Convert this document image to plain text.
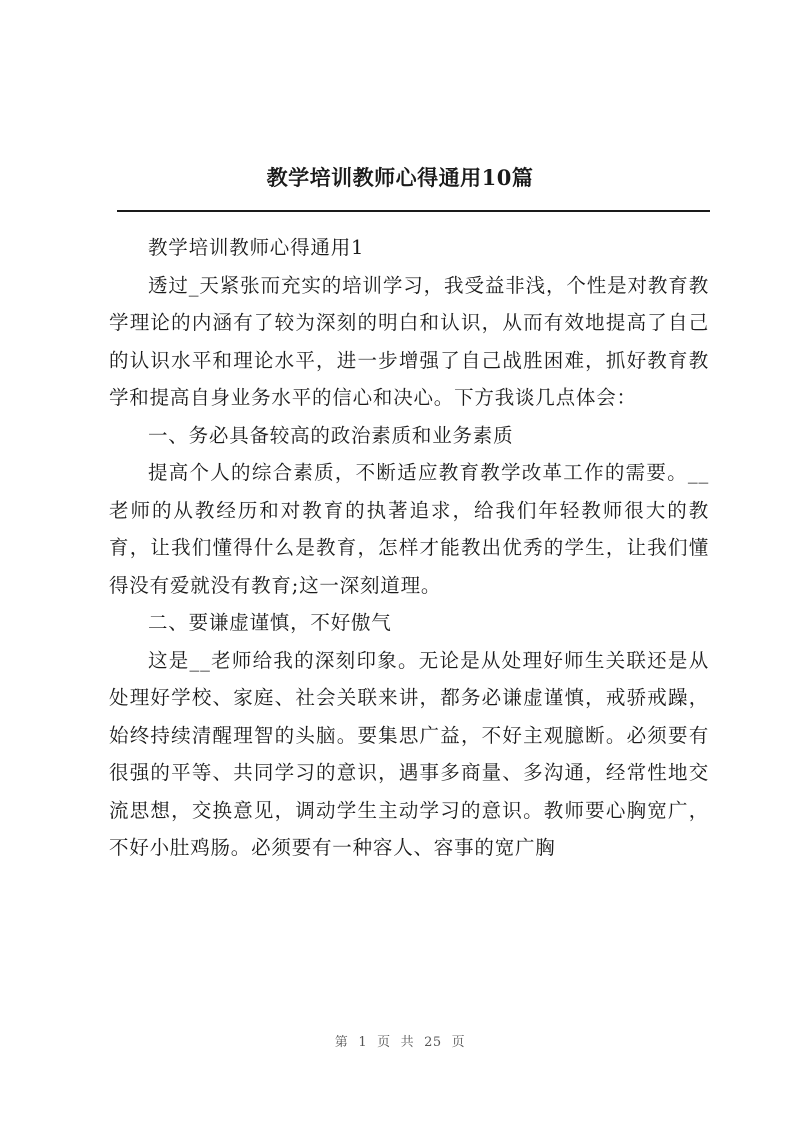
教学培训教师心得通用10篇

教学培训教师心得通用1

透过_天紧张而充实的培训学习，我受益非浅，个性是对教育教学理论的内涵有了较为深刻的明白和认识，从而有效地提高了自己的认识水平和理论水平，进一步增强了自己战胜困难，抓好教育教学和提高自身业务水平的信心和决心。下方我谈几点体会：

一、务必具备较高的政治素质和业务素质

提高个人的综合素质，不断适应教育教学改革工作的需要。__老师的从教经历和对教育的执著追求，给我们年轻教师很大的教育，让我们懂得什么是教育，怎样才能教出优秀的学生，让我们懂得没有爱就没有教育;这一深刻道理。

二、要谦虚谨慎，不好傲气

这是__老师给我的深刻印象。无论是从处理好师生关联还是从处理好学校、家庭、社会关联来讲，都务必谦虚谨慎，戒骄戒躁，始终持续清醒理智的头脑。要集思广益，不好主观臆断。必须要有很强的平等、共同学习的意识，遇事多商量、多沟通，经常性地交流思想，交换意见，调动学生主动学习的意识。教师要心胸宽广，不好小肚鸡肠。必须要有一种容人、容事的宽广胸

第 1 页 共 25 页
